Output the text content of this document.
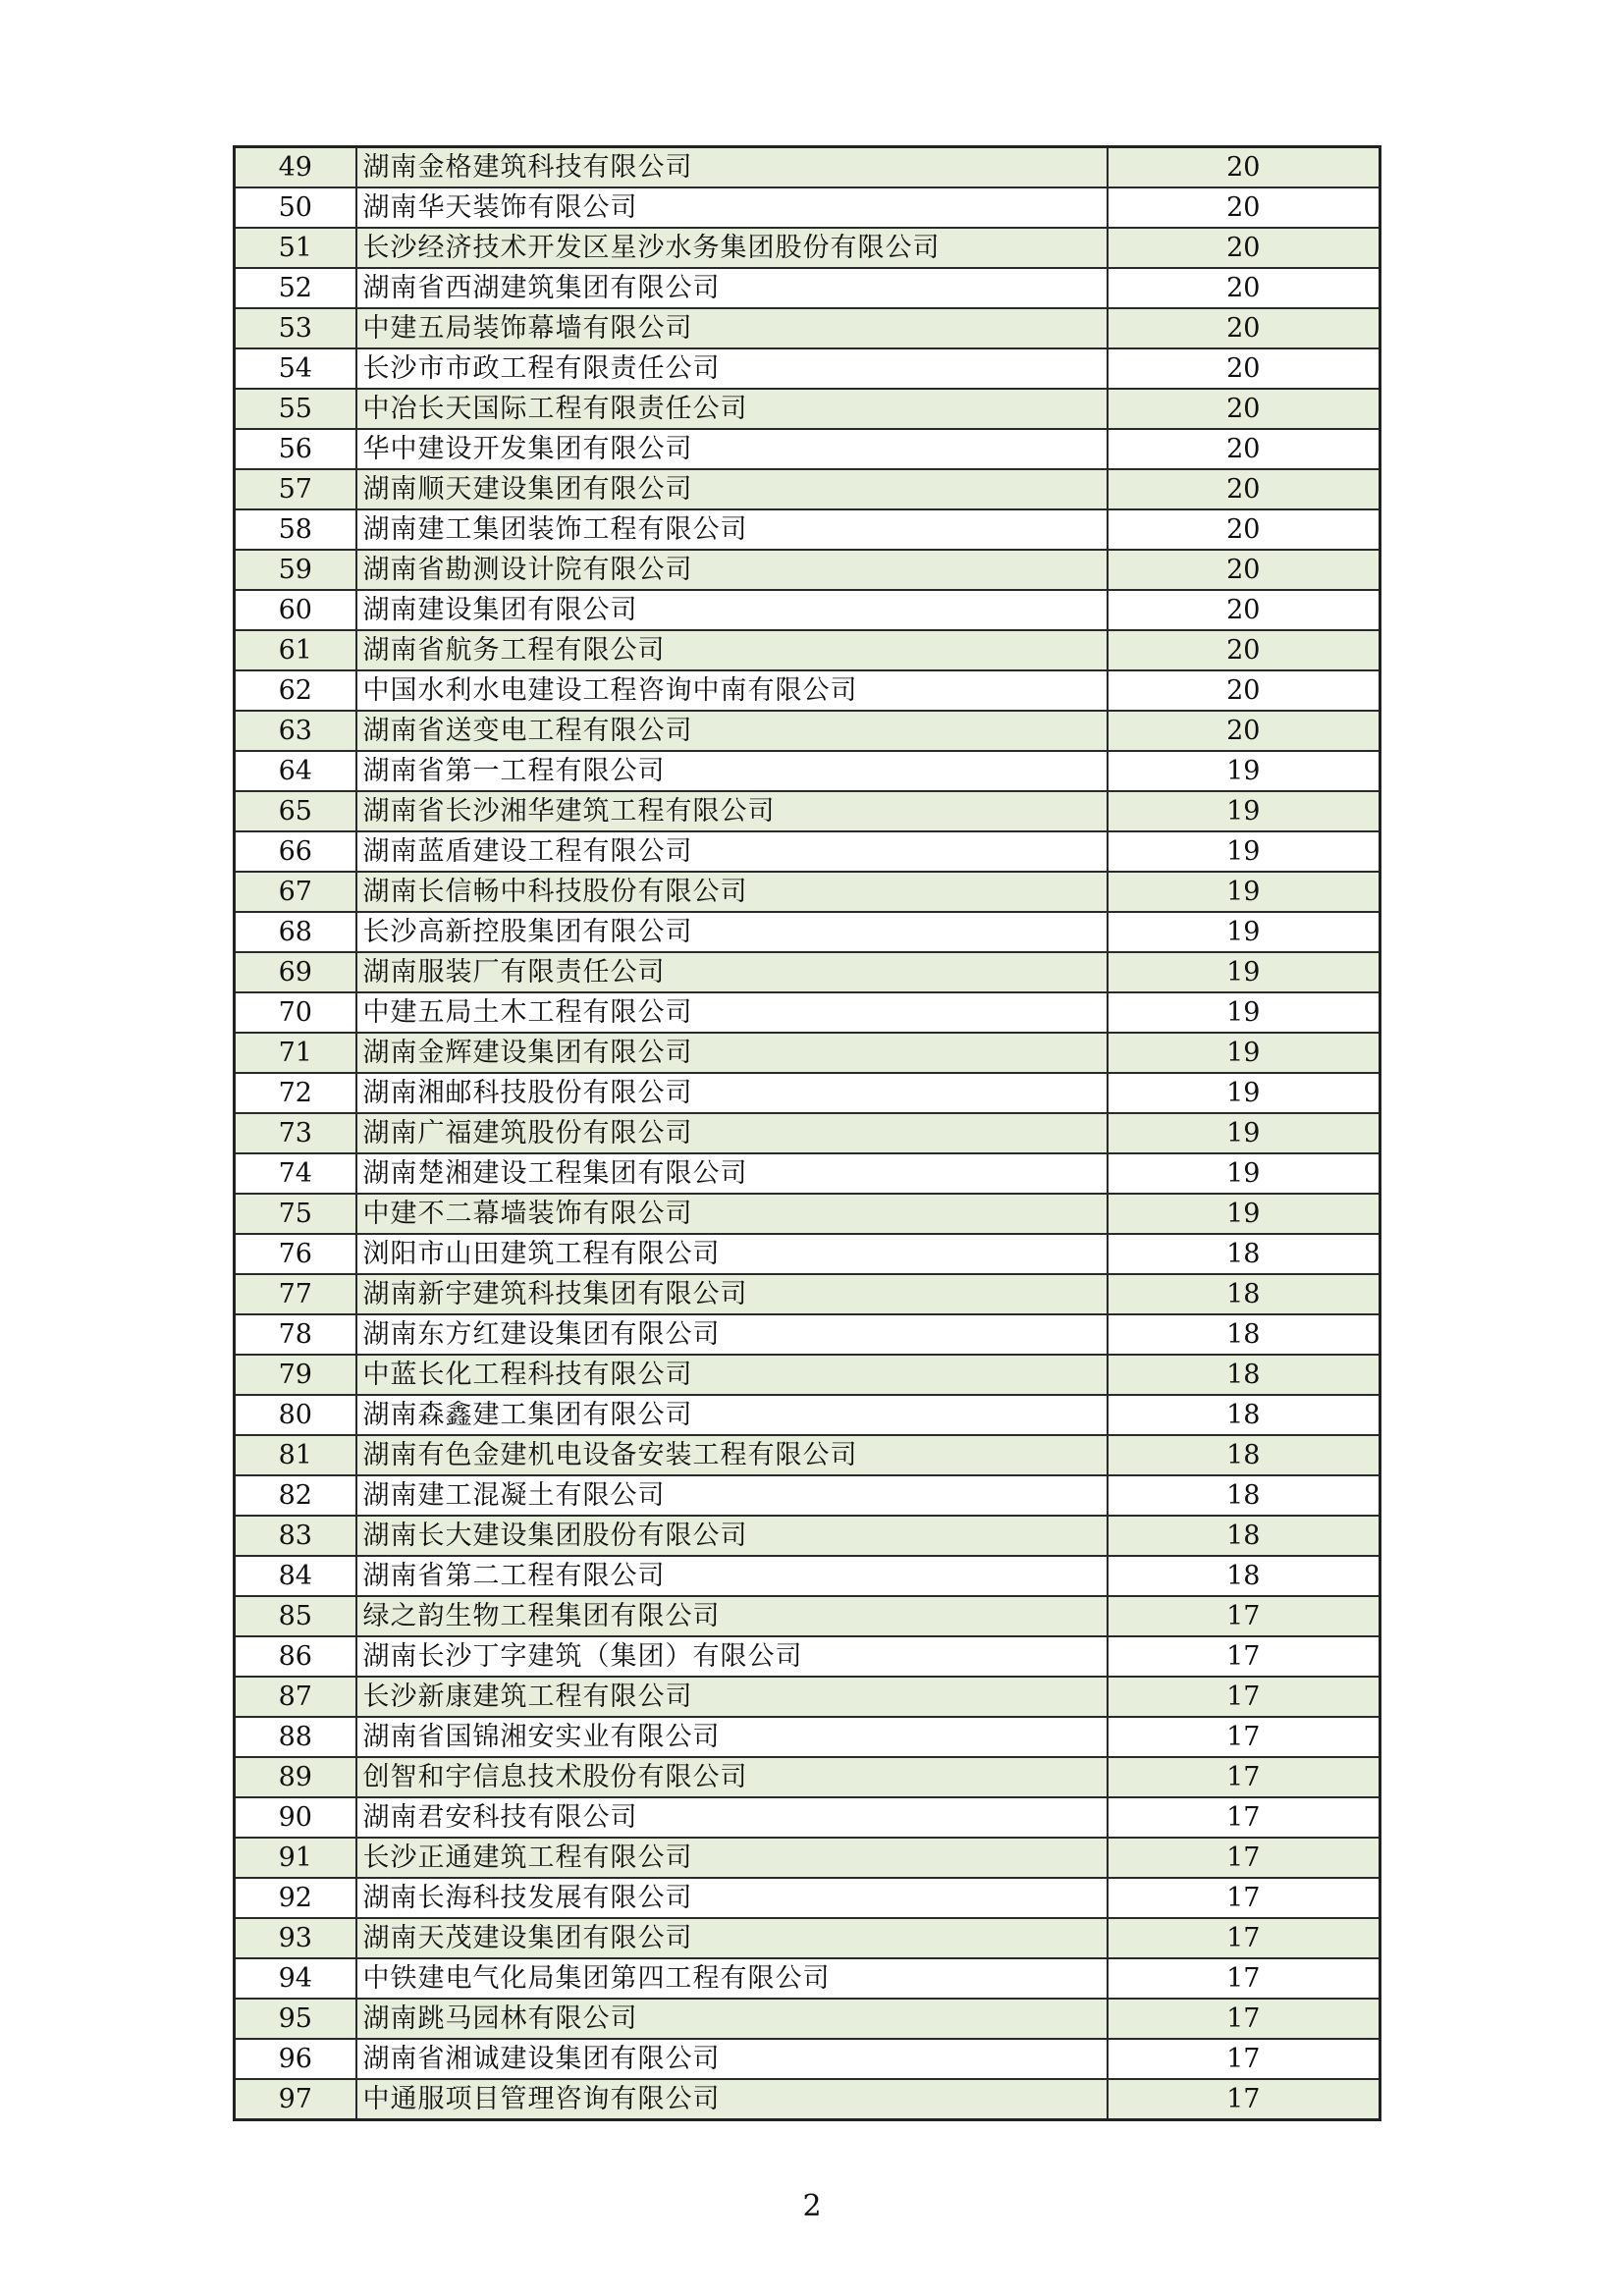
49	湖南金格建筑科技有限公司	20
50	湖南华天装饰有限公司	20
51	长沙经济技术开发区星沙水务集团股份有限公司	20
52	湖南省西湖建筑集团有限公司	20
53	中建五局装饰幕墙有限公司	20
54	长沙市市政工程有限责任公司	20
55	中冶长天国际工程有限责任公司	20
56	华中建设开发集团有限公司	20
57	湖南顺天建设集团有限公司	20
58	湖南建工集团装饰工程有限公司	20
59	湖南省勘测设计院有限公司	20
60	湖南建设集团有限公司	20
61	湖南省航务工程有限公司	20
62	中国水利水电建设工程咨询中南有限公司	20
63	湖南省送变电工程有限公司	20
64	湖南省第一工程有限公司	19
65	湖南省长沙湘华建筑工程有限公司	19
66	湖南蓝盾建设工程有限公司	19
67	湖南长信畅中科技股份有限公司	19
68	长沙高新控股集团有限公司	19
69	湖南服装厂有限责任公司	19
70	中建五局土木工程有限公司	19
71	湖南金辉建设集团有限公司	19
72	湖南湘邮科技股份有限公司	19
73	湖南广福建筑股份有限公司	19
74	湖南楚湘建设工程集团有限公司	19
75	中建不二幕墙装饰有限公司	19
76	浏阳市山田建筑工程有限公司	18
77	湖南新宇建筑科技集团有限公司	18
78	湖南东方红建设集团有限公司	18
79	中蓝长化工程科技有限公司	18
80	湖南森鑫建工集团有限公司	18
81	湖南有色金建机电设备安装工程有限公司	18
82	湖南建工混凝土有限公司	18
83	湖南长大建设集团股份有限公司	18
84	湖南省第二工程有限公司	18
85	绿之韵生物工程集团有限公司	17
86	湖南长沙丁字建筑（集团）有限公司	17
87	长沙新康建筑工程有限公司	17
88	湖南省国锦湘安实业有限公司	17
89	创智和宇信息技术股份有限公司	17
90	湖南君安科技有限公司	17
91	长沙正通建筑工程有限公司	17
92	湖南长海科技发展有限公司	17
93	湖南天茂建设集团有限公司	17
94	中铁建电气化局集团第四工程有限公司	17
95	湖南跳马园林有限公司	17
96	湖南省湘诚建设集团有限公司	17
97	中通服项目管理咨询有限公司	17
2
